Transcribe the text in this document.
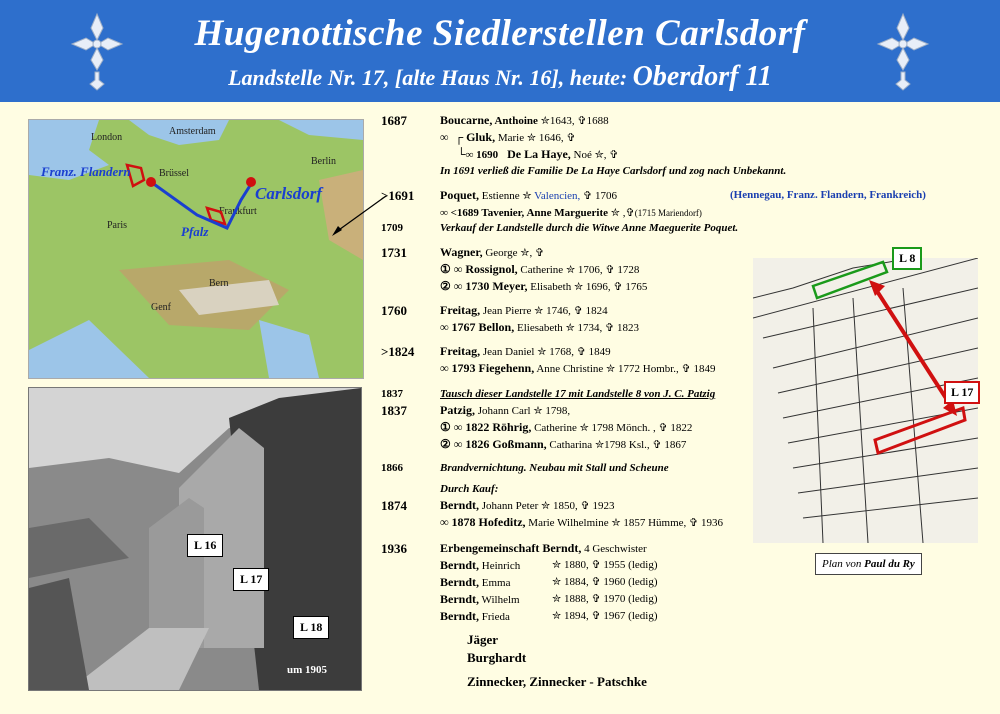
Hugenottische Siedlerstellen Carlsdorf
Landstelle Nr. 17, [alte Haus Nr. 16], heute: Oberdorf 11
London
Amsterdam
Brüssel
Berlin
Paris
Frankfurt
Bern
Genf
Franz. Flandern
Carlsdorf
Pfalz
L 16
L 17
L 18
um 1905
L 8
L 17
Plan von Paul du Ry
1687	Boucarne, Anthoine ✮1643, ✞1688
∞  ┌ Gluk, Marie ✮ 1646, ✞
└∞ 1690 De La Haye, Noé ✮, ✞
In 1691 verließ die Familie De La Haye Carlsdorf und zog nach Unbekannt.
>1691 Poquet, Estienne ✮ Valencien, ✞ 1706	(Hennegau, Franz. Flandern, Frankreich)
∞ <1689 Tavenier, Anne Marguerite ✮ ,✞(1715 Mariendorf)
1709	Verkauf der Landstelle durch die Witwe Anne Maeguerite Poquet.
1731	Wagner, George ✮, ✞
① ∞ Rossignol, Catherine ✮ 1706, ✞ 1728
② ∞ 1730 Meyer, Elisabeth ✮ 1696, ✞ 1765
1760	Freitag, Jean Pierre ✮ 1746, ✞ 1824
∞ 1767 Bellon, Eliesabeth ✮ 1734, ✞ 1823
>1824 Freitag, Jean Daniel ✮ 1768, ✞ 1849
∞ 1793 Fiegehenn, Anne Christine ✮ 1772 Hombr., ✞ 1849
1837	Tausch dieser Landstelle 17 mit Landstelle 8 von J. C. Patzig
1837	Patzig, Johann Carl ✮ 1798,
① ∞ 1822 Röhrig, Catherine ✮ 1798 Mönch. , ✞ 1822
② ∞ 1826 Goßmann, Catharina ✮1798 Ksl., ✞ 1867
1866	Brandvernichtung. Neubau mit Stall und Scheune
Durch Kauf:
1874	Berndt, Johann Peter ✮ 1850, ✞ 1923
∞ 1878 Hofeditz, Marie Wilhelmine ✮ 1857 Hümme, ✞ 1936
1936	Erbengemeinschaft Berndt, 4 Geschwister
Berndt, Heinrich	✮ 1880, ✞ 1955 (ledig)
Berndt, Emma	✮ 1884, ✞ 1960 (ledig)
Berndt, Wilhelm	✮ 1888, ✞ 1970 (ledig)
Berndt, Frieda	✮ 1894, ✞ 1967 (ledig)
Jäger
Burghardt
Zinnecker, Zinnecker - Patschke
